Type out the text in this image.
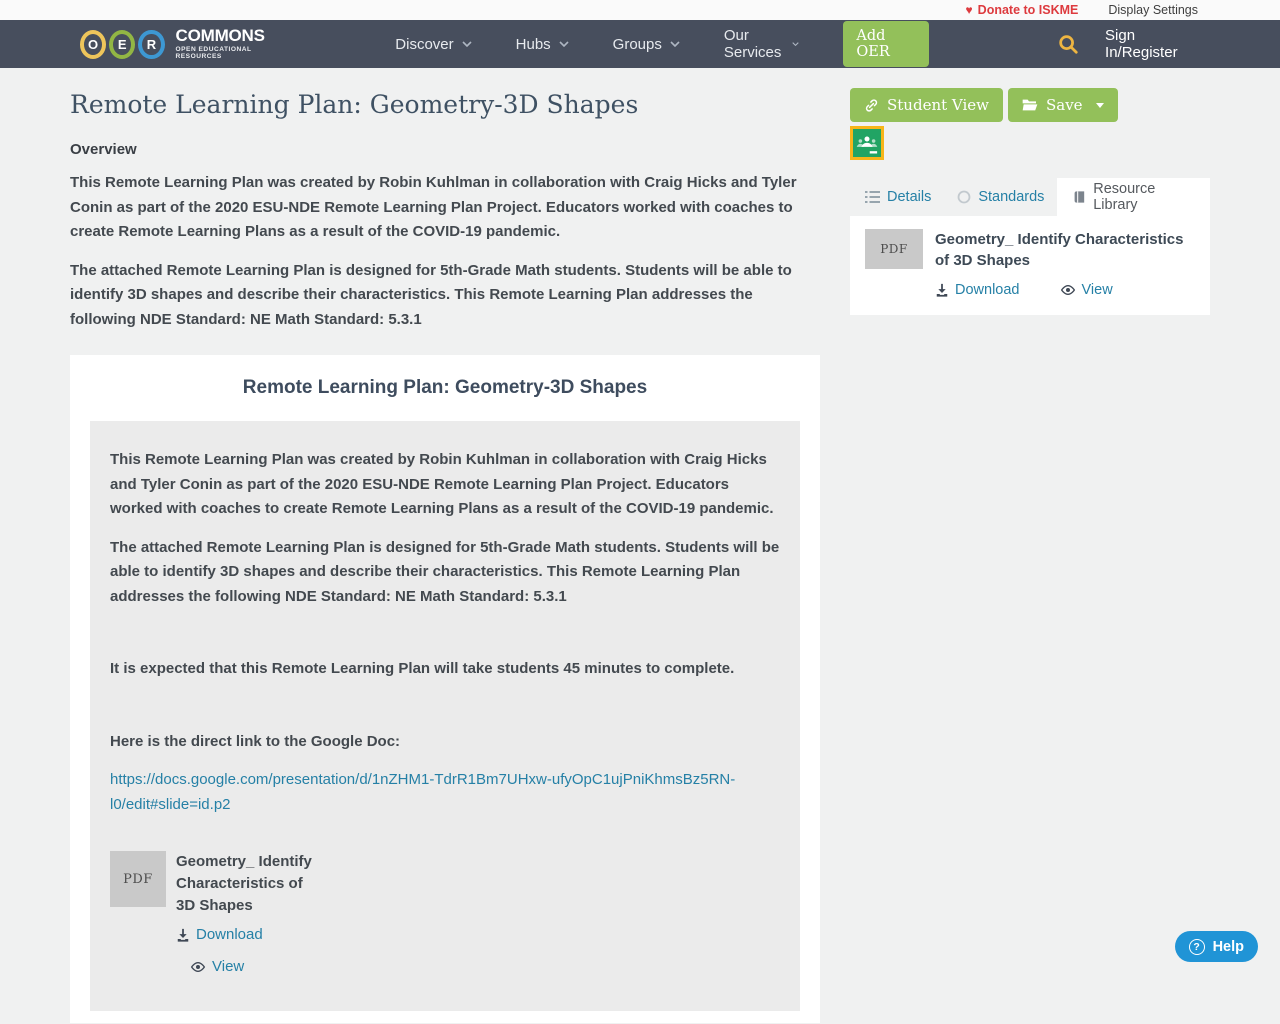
♥ Donate to ISKME Display Settings
O E R COMMONS
OPEN EDUCATIONAL RESOURCES
Discover	Hubs	Groups	Our Services
Add OER
Sign In/Register
Remote Learning Plan: Geometry-3D Shapes
Overview

This Remote Learning Plan was created by Robin Kuhlman in collaboration with Craig Hicks and Tyler Conin as part of the 2020 ESU-NDE Remote Learning Plan Project. Educators worked with coaches to create Remote Learning Plans as a result of the COVID-19 pandemic.

The attached Remote Learning Plan is designed for 5th-Grade Math students. Students will be able to identify 3D shapes and describe their characteristics. This Remote Learning Plan addresses the following NDE Standard: NE Math Standard: 5.3.1

Remote Learning Plan: Geometry-3D Shapes

This Remote Learning Plan was created by Robin Kuhlman in collaboration with Craig Hicks and Tyler Conin as part of the 2020 ESU-NDE Remote Learning Plan Project. Educators worked with coaches to create Remote Learning Plans as a result of the COVID-19 pandemic.

The attached Remote Learning Plan is designed for 5th-Grade Math students. Students will be able to identify 3D shapes and describe their characteristics. This Remote Learning Plan addresses the following NDE Standard: NE Math Standard: 5.3.1

It is expected that this Remote Learning Plan will take students 45 minutes to complete.

Here is the direct link to the Google Doc:

https://docs.google.com/presentation/d/1nZHM1-TdrR1Bm7UHxw-ufyOpC1ujPniKhmsBz5RN-l0/edit#slide=id.p2
PDF
Geometry_ Identify Characteristics of 3D Shapes
Download
View
Student View	Save
Details	Standards	Resource Library
PDF
Geometry_ Identify Characteristics of 3D Shapes
Download	View
? Help
